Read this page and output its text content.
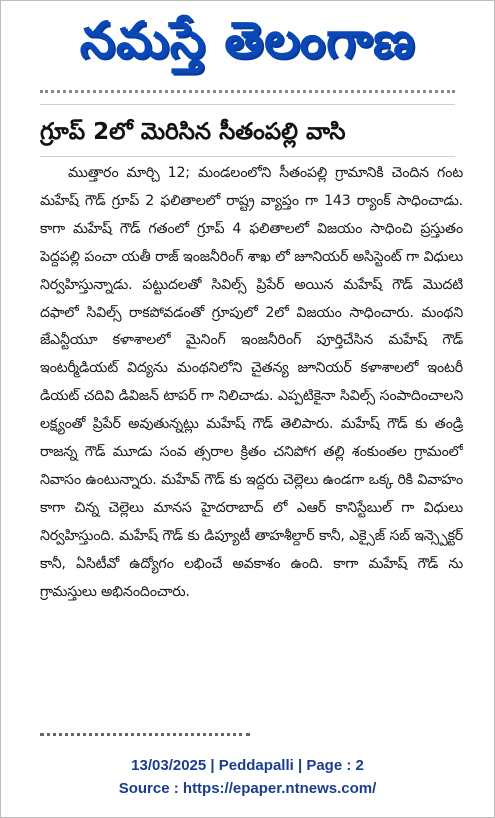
నమస్తే తెలంగాణ
గ్రూప్ 2లో మెరిసిన సీతంపల్లి వాసి

ముత్తారం మార్చి 12; మండలంలోని సీతంపల్లి గ్రామానికి చెందిన గంట మహేష్ గౌడ్ గ్రూప్ 2 ఫలితాలలో రాష్ట్ర వ్యాప్తం గా 143 ర్యాంక్ సాధించాడు. కాగా మహేష్ గౌడ్ గతంలో గ్రూప్ 4 ఫలితాలలో విజయం సాధించి ప్రస్తుతం పెద్దపల్లి పంచా యతీ రాజ్ ఇంజనీరింగ్ శాఖ లో జూనియర్ అసిస్టెంట్ గా విధులు నిర్వహిస్తున్నాడు. పట్టుదలతో సివిల్స్ ప్రిపేర్ అయిన మహేష్ గౌడ్ మొదటి దఫాలో సివిల్స్ రాకపోవడంతో గ్రూపులో 2లో విజయం సాధించారు. మంథని జేఎన్టీయూ కళాశాలలో మైనింగ్ ఇంజనీరింగ్ పూర్తిచేసిన మహేష్ గౌడ్ ఇంటర్మీడియట్ విద్యను మంథనిలోని చైతన్య జూనియర్ కళాశాలలో ఇంటరీ డియట్ చదివి డివిజన్ టాపర్ గా నిలిచాడు. ఎప్పటికైనా సివిల్స్ సంపాదించాలని లక్ష్యంతో ప్రిపేర్ అవుతున్నట్లు మహేష్ గౌడ్ తెలిపారు. మహేష్ గౌడ్ కు తండ్రి రాజన్న గౌడ్ మూడు సంవ త్సరాల క్రితం చనిపోగ తల్లి శంకుంతల గ్రామంలో నివాసం ఉంటున్నారు. మహేవ్ గౌడ్ కు ఇద్దరు చెల్లెలు ఉండగా ఒక్క రికి వివాహం కాగా చిన్న చెల్లెలు మానస హైదరాబాద్ లో ఎఆర్ కానిస్టేబుల్ గా విధులు నిర్వహిస్తుంది. మహేష్ గౌడ్ కు డిప్యూటీ తాహశీల్దార్ కానీ, ఎక్సైజ్ సబ్ ఇన్స్పెక్టర్ కానీ, ఏసిటీవో ఉద్యోగం లభించే అవకాశం ఉంది. కాగా మహేష్ గౌడ్ ను గ్రామస్తులు అభినందించారు.

13/03/2025 | Peddapalli | Page : 2
Source : https://epaper.ntnews.com/
